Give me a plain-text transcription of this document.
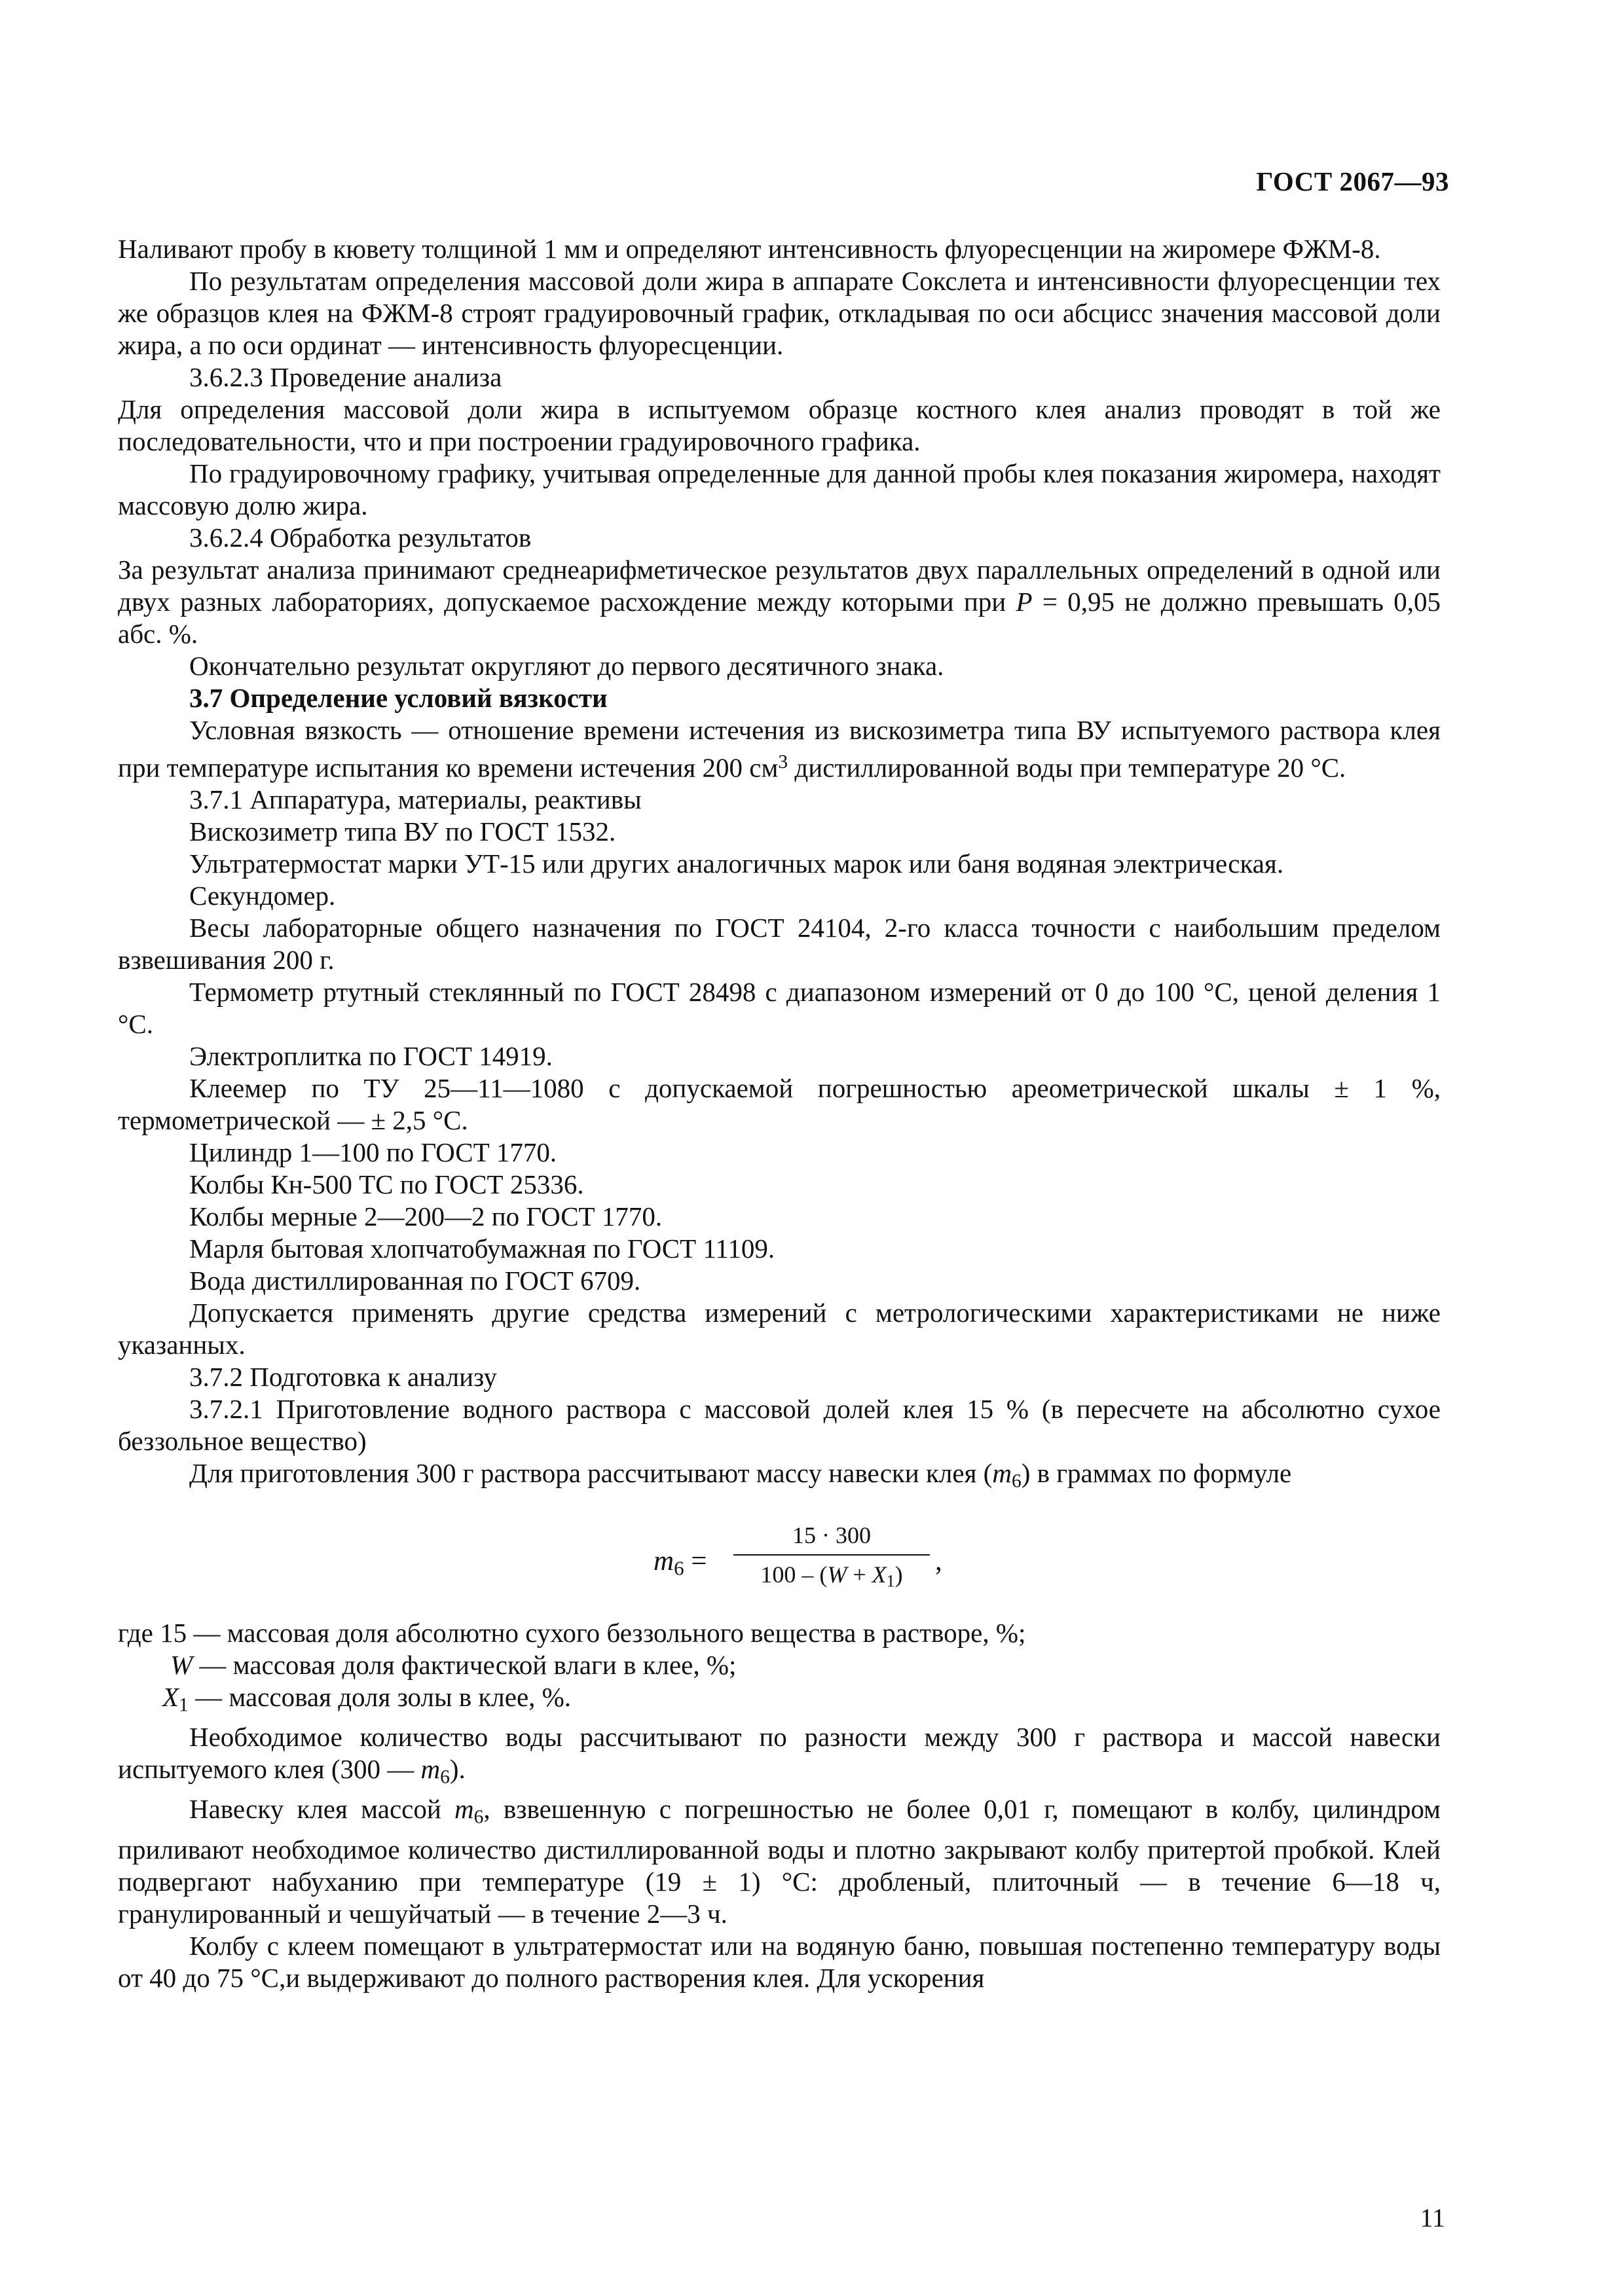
ГОСТ 2067—93

Наливают пробу в кювету толщиной 1 мм и определяют интенсивность флуоресценции на жиромере ФЖМ-8.

По результатам определения массовой доли жира в аппарате Сокслета и интенсивности флуоресценции тех же образцов клея на ФЖМ-8 строят градуировочный график, откладывая по оси абсцисс значения массовой доли жира, а по оси ординат — интенсивность флуоресценции.

3.6.2.3 Проведение анализа

Для определения массовой доли жира в испытуемом образце костного клея анализ проводят в той же последовательности, что и при построении градуировочного графика.

По градуировочному графику, учитывая определенные для данной пробы клея показания жиромера, находят массовую долю жира.

3.6.2.4 Обработка результатов

За результат анализа принимают среднеарифметическое результатов двух параллельных определений в одной или двух разных лабораториях, допускаемое расхождение между которыми при P = 0,95 не должно превышать 0,05 абс. %.

Окончательно результат округляют до первого десятичного знака.

3.7 Определение условий вязкости

Условная вязкость — отношение времени истечения из вискозиметра типа ВУ испытуемого раствора клея при температуре испытания ко времени истечения 200 $см^3$ дистиллированной воды при температуре 20 °С.

3.7.1 Аппаратура, материалы, реактивы

Вискозиметр типа ВУ по ГОСТ 1532.

Ультратермостат марки УТ-15 или других аналогичных марок или баня водяная электрическая.

Секундомер.

Весы лабораторные общего назначения по ГОСТ 24104, 2-го класса точности с наибольшим пределом взвешивания 200 г.

Термометр ртутный стеклянный по ГОСТ 28498 с диапазоном измерений от 0 до 100 °С, ценой деления 1 °С.

Электроплитка по ГОСТ 14919.

Клеемер по ТУ 25—11—1080 с допускаемой погрешностью ареометрической шкалы ± 1 %, термометрической — ± 2,5 °С.

Цилиндр 1—100 по ГОСТ 1770.

Колбы Кн-500 ТС по ГОСТ 25336.

Колбы мерные 2—200—2 по ГОСТ 1770.

Марля бытовая хлопчатобумажная по ГОСТ 11109.

Вода дистиллированная по ГОСТ 6709.

Допускается применять другие средства измерений с метрологическими характеристиками не ниже указанных.

3.7.2 Подготовка к анализу

3.7.2.1 Приготовление водного раствора с массовой долей клея 15 % (в пересчете на абсолютно сухое беззольное вещество)

Для приготовления 300 г раствора рассчитывают массу навески клея $(m_6)$ в граммах по формуле

$m_6 = \frac{15 \cdot 300}{100 - (W + X_1)}$ ,

где 15 — массовая доля абсолютно сухого беззольного вещества в растворе, %;

W — массовая доля фактической влаги в клее, %;

$X_1$ — массовая доля золы в клее, %.

Необходимое количество воды рассчитывают по разности между 300 г раствора и массой навески испытуемого клея (300 — $m_6$).

Навеску клея массой $m_6$, взвешенную с погрешностью не более 0,01 г, помещают в колбу, цилиндром приливают необходимое количество дистиллированной воды и плотно закрывают колбу притертой пробкой. Клей подвергают набуханию при температуре (19 ± 1) °С: дробленый, плиточный — в течение 6—18 ч, гранулированный и чешуйчатый — в течение 2—3 ч.

Колбу с клеем помещают в ультратермостат или на водяную баню, повышая постепенно температуру воды от 40 до 75 °С,и выдерживают до полного растворения клея. Для ускорения

11
